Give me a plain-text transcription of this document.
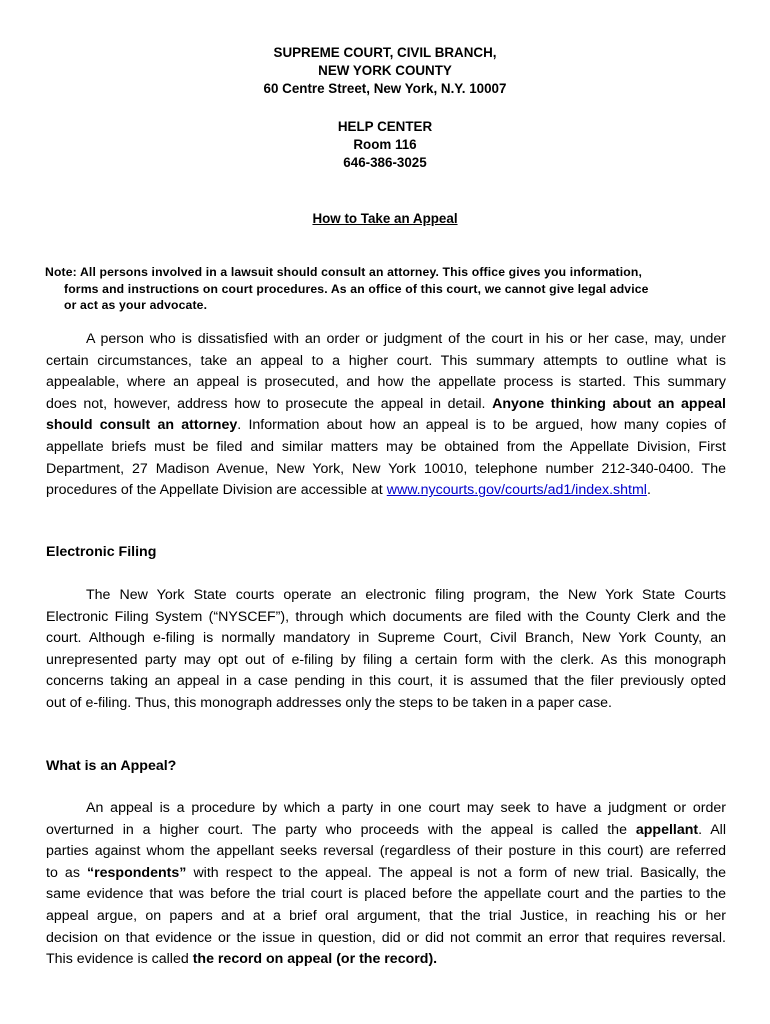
SUPREME COURT, CIVIL BRANCH,
NEW YORK COUNTY
60 Centre Street, New York, N.Y. 10007
HELP CENTER
Room 116
646-386-3025
How to Take an Appeal
Note: All persons involved in a lawsuit should consult an attorney. This office gives you information,
forms and instructions on court procedures. As an office of this court, we cannot give legal advice
or act as your advocate.
A person who is dissatisfied with an order or judgment of the court in his or her case, may, under
certain circumstances, take an appeal to a higher court. This summary attempts to outline what is
appealable, where an appeal is prosecuted, and how the appellate process is started. This summary
does not, however, address how to prosecute the appeal in detail. Anyone thinking about an appeal
should consult an attorney. Information about how an appeal is to be argued, how many copies of
appellate briefs must be filed and similar matters may be obtained from the Appellate Division, First
Department, 27 Madison Avenue, New York, New York 10010, telephone number 212-340-0400. The
procedures of the Appellate Division are accessible at www.nycourts.gov/courts/ad1/index.shtml.
Electronic Filing
The New York State courts operate an electronic filing program, the New York State Courts
Electronic Filing System (“NYSCEF”), through which documents are filed with the County Clerk and the
court. Although e-filing is normally mandatory in Supreme Court, Civil Branch, New York County, an
unrepresented party may opt out of e-filing by filing a certain form with the clerk. As this monograph
concerns taking an appeal in a case pending in this court, it is assumed that the filer previously opted
out of e-filing. Thus, this monograph addresses only the steps to be taken in a paper case.
What is an Appeal?
An appeal is a procedure by which a party in one court may seek to have a judgment or order
overturned in a higher court. The party who proceeds with the appeal is called the appellant. All
parties against whom the appellant seeks reversal (regardless of their posture in this court) are referred
to as “respondents” with respect to the appeal. The appeal is not a form of new trial. Basically, the
same evidence that was before the trial court is placed before the appellate court and the parties to the
appeal argue, on papers and at a brief oral argument, that the trial Justice, in reaching his or her
decision on that evidence or the issue in question, did or did not commit an error that requires reversal.
This evidence is called the record on appeal (or the record).
